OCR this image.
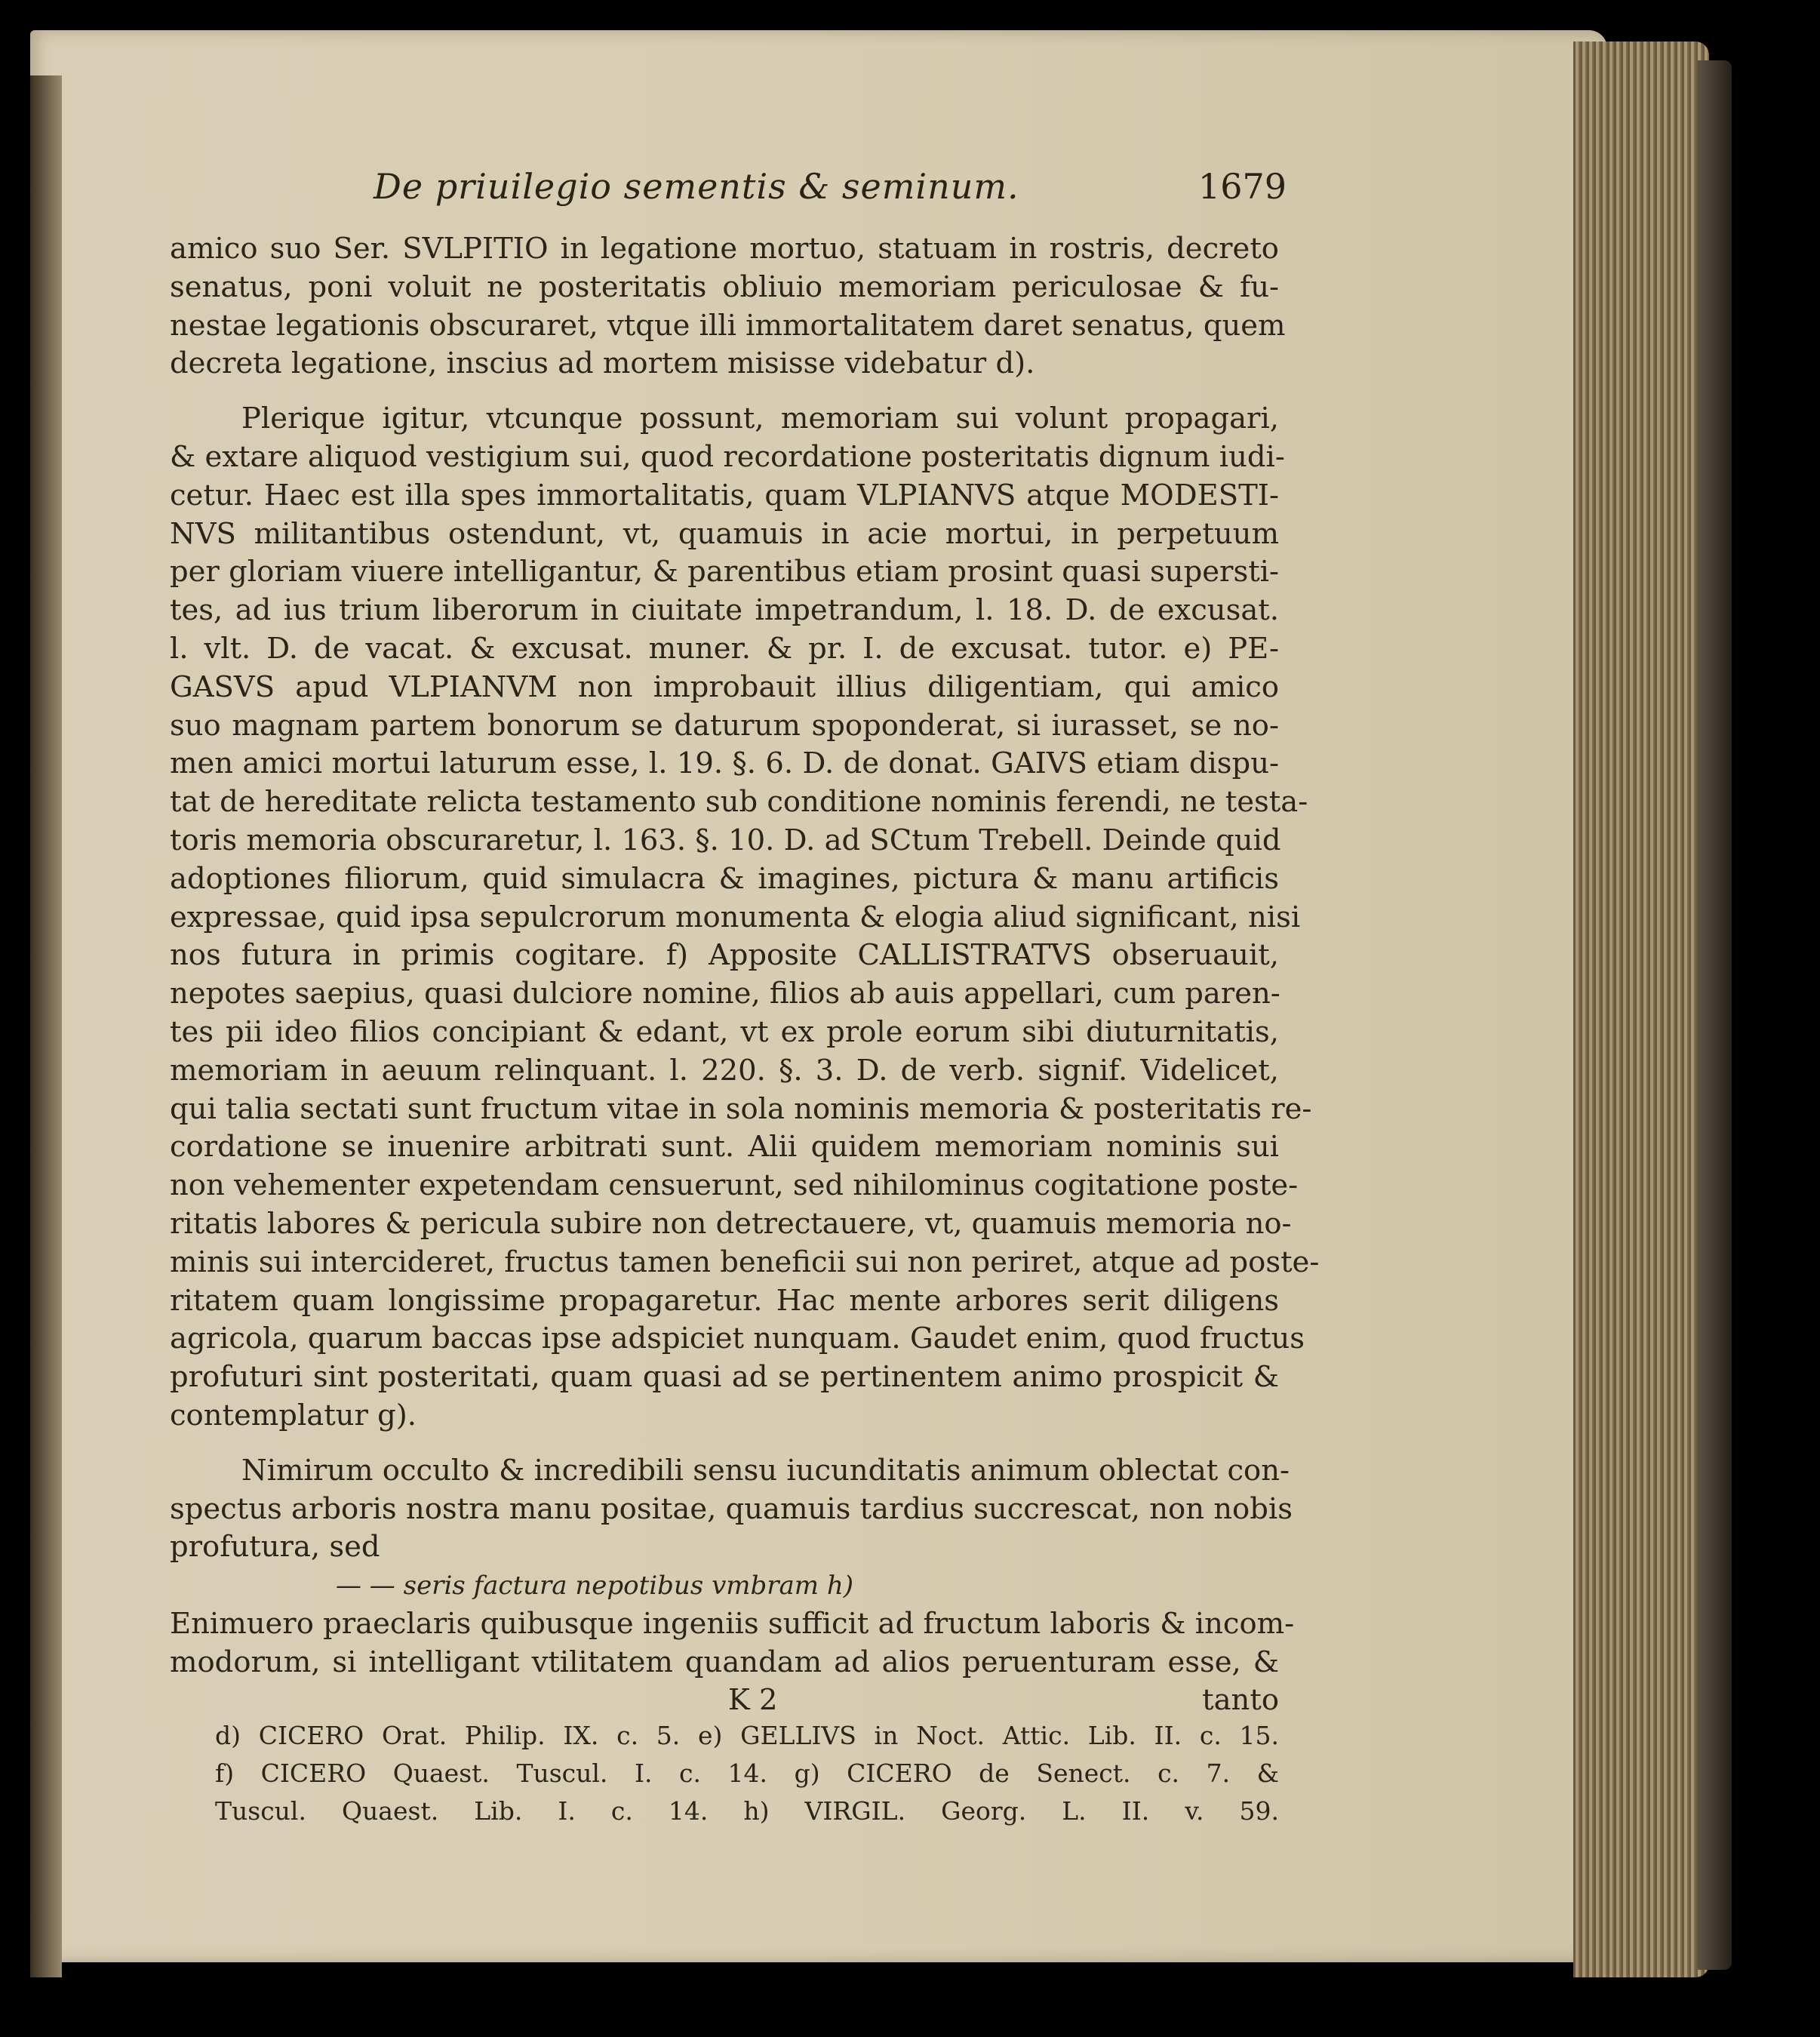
De priuilegio sementis & seminum.	1679
amico suo Ser. SVLPITIO in legatione mortuo, statuam in rostris, decreto
senatus, poni voluit ne posteritatis obliuio memoriam periculosae & fu-
nestae legationis obscuraret, vtque illi immortalitatem daret senatus, quem
decreta legatione, inscius ad mortem misisse videbatur d).
Plerique igitur, vtcunque possunt, memoriam sui volunt propagari,
& extare aliquod vestigium sui, quod recordatione posteritatis dignum iudi-
cetur. Haec est illa spes immortalitatis, quam VLPIANVS atque MODESTI-
NVS militantibus ostendunt, vt, quamuis in acie mortui, in perpetuum
per gloriam viuere intelligantur, & parentibus etiam prosint quasi supersti-
tes, ad ius trium liberorum in ciuitate impetrandum, l. 18. D. de excusat.
l. vlt. D. de vacat. & excusat. muner. & pr. I. de excusat. tutor. e) PE-
GASVS apud VLPIANVM non improbauit illius diligentiam, qui amico
suo magnam partem bonorum se daturum spoponderat, si iurasset, se no-
men amici mortui laturum esse, l. 19. §. 6. D. de donat. GAIVS etiam dispu-
tat de hereditate relicta testamento sub conditione nominis ferendi, ne testa-
toris memoria obscuraretur, l. 163. §. 10. D. ad SCtum Trebell. Deinde quid
adoptiones filiorum, quid simulacra & imagines, pictura & manu artificis
expressae, quid ipsa sepulcrorum monumenta & elogia aliud significant, nisi
nos futura in primis cogitare. f) Apposite CALLISTRATVS obseruauit,
nepotes saepius, quasi dulciore nomine, filios ab auis appellari, cum paren-
tes pii ideo filios concipiant & edant, vt ex prole eorum sibi diuturnitatis,
memoriam in aeuum relinquant. l. 220. §. 3. D. de verb. signif. Videlicet,
qui talia sectati sunt fructum vitae in sola nominis memoria & posteritatis re-
cordatione se inuenire arbitrati sunt. Alii quidem memoriam nominis sui
non vehementer expetendam censuerunt, sed nihilominus cogitatione poste-
ritatis labores & pericula subire non detrectauere, vt, quamuis memoria no-
minis sui intercideret, fructus tamen beneficii sui non periret, atque ad poste-
ritatem quam longissime propagaretur. Hac mente arbores serit diligens
agricola, quarum baccas ipse adspiciet nunquam. Gaudet enim, quod fructus
profuturi sint posteritati, quam quasi ad se pertinentem animo prospicit &
contemplatur g).
Nimirum occulto & incredibili sensu iucunditatis animum oblectat con-
spectus arboris nostra manu positae, quamuis tardius succrescat, non nobis
profutura, sed
— — seris factura nepotibus vmbram h)
Enimuero praeclaris quibusque ingeniis sufficit ad fructum laboris & incom-
modorum, si intelligant vtilitatem quandam ad alios peruenturam esse, &
K 2	tanto
d) CICERO Orat. Philip. IX. c. 5. e) GELLIVS in Noct. Attic. Lib. II. c. 15.
f) CICERO Quaest. Tuscul. I. c. 14. g) CICERO de Senect. c. 7. &
Tuscul. Quaest. Lib. I. c. 14. h) VIRGIL. Georg. L. II. v. 59.
